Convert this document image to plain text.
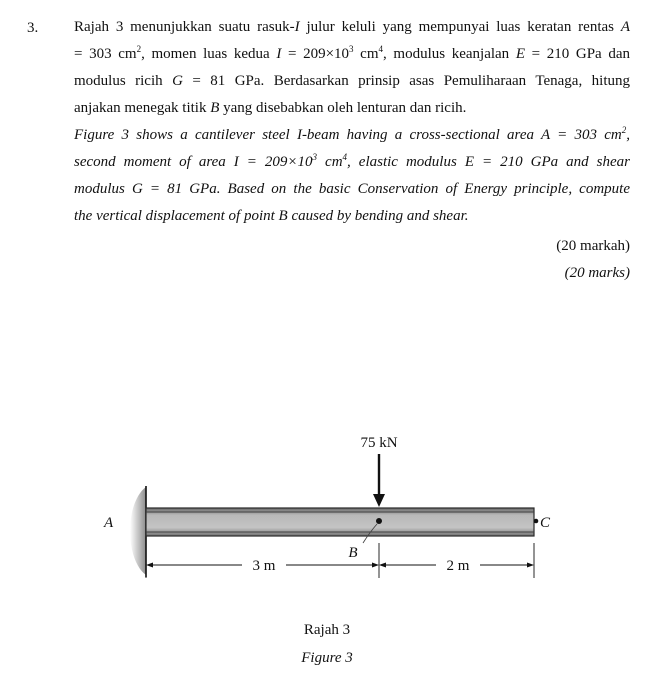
3. Rajah 3 menunjukkan suatu rasuk-I julur keluli yang mempunyai luas keratan rentas A
= 303 $cm^2$, momen luas kedua $I = 209\times 10^3$ $cm^4$, modulus keanjalan E = 210 GPa dan
modulus ricih G = 81 GPa. Berdasarkan prinsip asas Pemuliharaan Tenaga, hitung
anjakan menegak titik B yang disebabkan oleh lenturan dan ricih.
Figure 3 shows a cantilever steel I-beam having a cross-sectional area A = 303 $cm^2$,
second moment of area $I = 209\times 10^3$ $cm^4$, elastic modulus E = 210 GPa and shear
modulus G = 81 GPa. Based on the basic Conservation of Energy principle, compute
the vertical displacement of point B caused by bending and shear.
(20 markah)
(20 marks)
75 kN
B
C
A
3 m	2 m
Rajah 3
Figure 3
